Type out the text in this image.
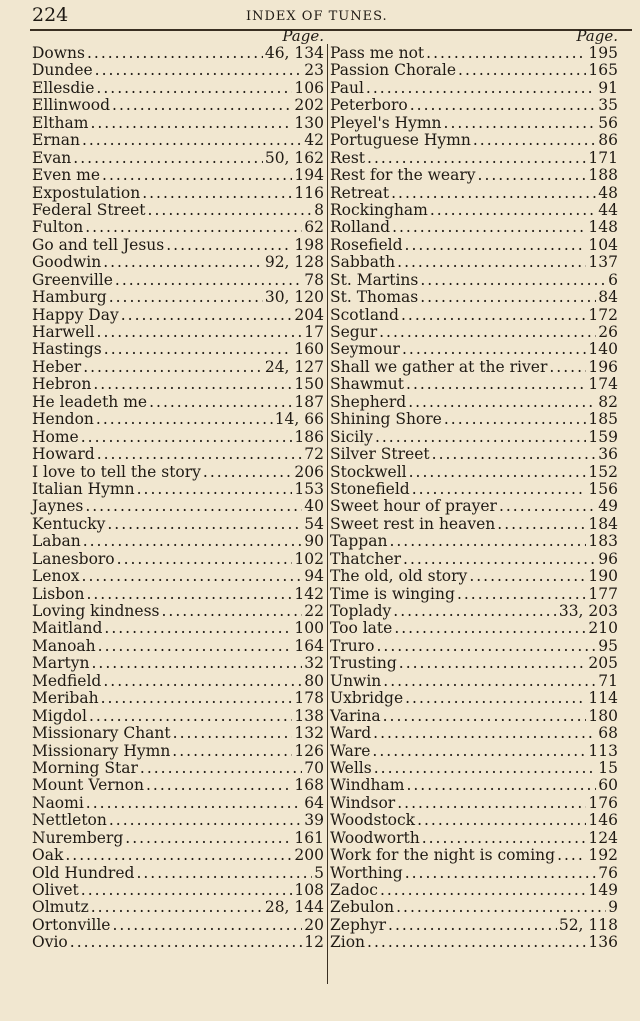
224	INDEX OF TUNES.
Page.	Page.
Downs .....	46, 134
Dundee .....	23
Ellesdie .....	106
Ellinwood .....	202
Eltham .....	130
Ernan .....	42
Evan .....	50, 162
Even me .....	194
Expostulation .....	116
Federal Street .....	8
Fulton .....	62
Go and tell Jesus .....	198
Goodwin .....	92, 128
Greenville .....	78
Hamburg .....	30, 120
Happy Day .....	204
Harwell .....	17
Hastings .....	160
Heber .....	24, 127
Hebron .....	150
He leadeth me .....	187
Hendon .....	14, 66
Home .....	186
Howard .....	72
I love to tell the story .....	206
Italian Hymn .....	153
Jaynes .....	40
Kentucky .....	54
Laban .....	90
Lanesboro .....	102
Lenox .....	94
Lisbon .....	142
Loving kindness .....	22
Maitland .....	100
Manoah .....	164
Martyn .....	32
Medfield .....	80
Meribah .....	178
Migdol .....	138
Missionary Chant .....	132
Missionary Hymn .....	126
Morning Star .....	70
Mount Vernon .....	168
Naomi .....	64
Nettleton .....	39
Nuremberg .....	161
Oak .....	200
Old Hundred .....	5
Olivet .....	108
Olmutz .....	28, 144
Ortonville .....	20
Ovio .....	12
Pass me not .....	195
Passion Chorale .....	165
Paul .....	91
Peterboro .....	35
Pleyel's Hymn .....	56
Portuguese Hymn .....	86
Rest .....	171
Rest for the weary .....	188
Retreat .....	48
Rockingham .....	44
Rolland .....	148
Rosefield .....	104
Sabbath .....	137
St. Martins .....	6
St. Thomas .....	84
Scotland .....	172
Segur .....	26
Seymour .....	140
Shall we gather at the river .....	196
Shawmut .....	174
Shepherd .....	82
Shining Shore .....	185
Sicily .....	159
Silver Street .....	36
Stockwell .....	152
Stonefield .....	156
Sweet hour of prayer .....	49
Sweet rest in heaven .....	184
Tappan .....	183
Thatcher .....	96
The old, old story .....	190
Time is winging .....	177
Toplady .....	33, 203
Too late .....	210
Truro .....	95
Trusting .....	205
Unwin .....	71
Uxbridge .....	114
Varina .....	180
Ward .....	68
Ware .....	113
Wells .....	15
Windham .....	60
Windsor .....	176
Woodstock .....	146
Woodworth .....	124
Work for the night is coming ..... 192
Worthing .....	76
Zadoc .....	149
Zebulon .....	9
Zephyr .....	52, 118
Zion .....	136
